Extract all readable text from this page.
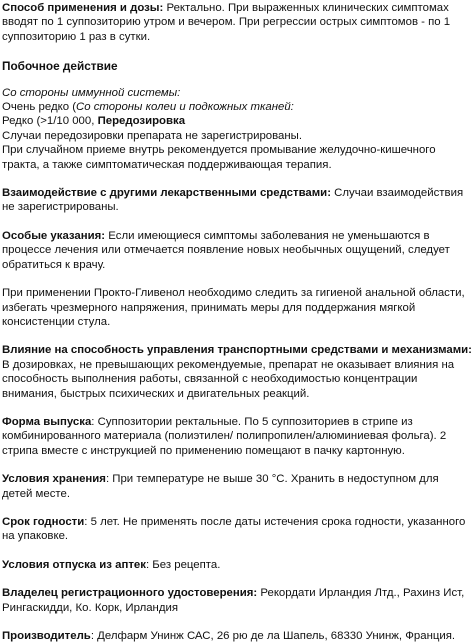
Способ применения и дозы: Ректально. При выраженных клинических симптомах вводят по 1 суппозиторию утром и вечером. При регрессии острых симптомов - по 1 суппозиторию 1 раз в сутки.

Побочное действие

Со стороны иммунной системы:

Очень редко (Со стороны колеи и подкожных тканей:

Редко (>1/10 000, Передозировка

Случаи передозировки препарата не зарегистрированы.

При случайном приеме внутрь рекомендуется промывание желудочно-кишечного тракта, а также симптоматическая поддерживающая терапия.

Взаимодействие с другими лекарственными средствами: Случаи взаимодействия не зарегистрированы.

Особые указания: Если имеющиеся симптомы заболевания не уменьшаются в процессе лечения или отмечается появление новых необычных ощущений, следует обратиться к врачу.

При применении Прокто-Гливенол необходимо следить за гигиеной анальной области, избегать чрезмерного напряжения, принимать меры для поддержания мягкой консистенции стула.

Влияние на способность управления транспортными средствами и механизмами: В дозировках, не превышающих рекомендуемые, препарат не оказывает влияния на способность выполнения работы, связанной с необходимостью концентрации внимания, быстрых психических и двигательных реакций.

Форма выпуска: Суппозитории ректальные. По 5 суппозиториев в стрипе из комбинированного материала (полиэтилен/ полипропилен/алюминиевая фольга). 2 стрипа вместе с инструкцией по применению помещают в пачку картонную.

Условия хранения: При температуре не выше 30 °С. Хранить в недоступном для детей месте.

Срок годности: 5 лет. Не применять после даты истечения срока годности, указанного на упаковке.

Условия отпуска из аптек: Без рецепта.

Владелец регистрационного удостоверения: Рекордати Ирландия Лтд., Рахинз Ист, Рингаскидди, Ко. Корк, Ирландия

Производитель: Делфарм Унинж САС, 26 рю де ла Шапель, 68330 Унинж, Франция.
